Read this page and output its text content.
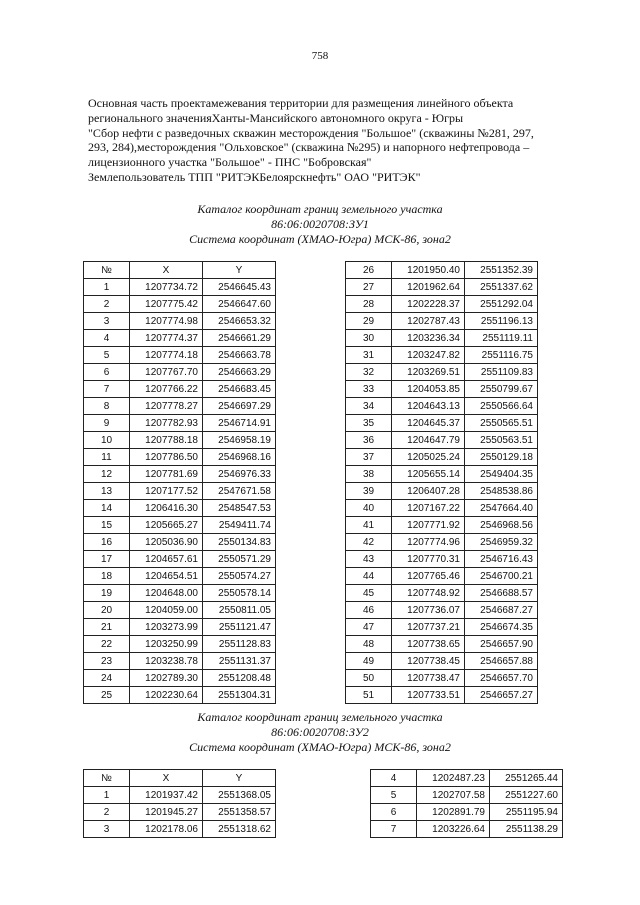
758
Основная часть проектамежевания территории для размещения линейного объекта
регионального значенияХанты-Мансийского автономного округа - Югры
"Сбор нефти с разведочных скважин месторождения "Большое" (скважины №281, 297,
293, 284),месторождения "Ольховское" (скважина №295) и напорного нефтепровода –
лицензионного участка "Большое" - ПНС "Бобровская"
Землепользователь ТПП "РИТЭКБелоярскнефть" ОАО "РИТЭК"
Каталог координат границ земельного участка
86:06:0020708:ЗУ1
Система координат (ХМАО-Югра) МСК-86, зона2
№	X	Y
1	1207734.72	2546645.43
2	1207775.42	2546647.60
3	1207774.98	2546653.32
4	1207774.37	2546661.29
5	1207774.18	2546663.78
6	1207767.70	2546663.29
7	1207766.22	2546683.45
8	1207778.27	2546697.29
9	1207782.93	2546714.91
10	1207788.18	2546958.19
11	1207786.50	2546968.16
12	1207781.69	2546976.33
13	1207177.52	2547671.58
14	1206416.30	2548547.53
15	1205665.27	2549411.74
16	1205036.90	2550134.83
17	1204657.61	2550571.29
18	1204654.51	2550574.27
19	1204648.00	2550578.14
20	1204059.00	2550811.05
21	1203273.99	2551121.47
22	1203250.99	2551128.83
23	1203238.78	2551131.37
24	1202789.30	2551208.48
25	1202230.64	2551304.31
26	1201950.40	2551352.39
27	1201962.64	2551337.62
28	1202228.37	2551292.04
29	1202787.43	2551196.13
30	1203236.34	2551119.11
31	1203247.82	2551116.75
32	1203269.51	2551109.83
33	1204053.85	2550799.67
34	1204643.13	2550566.64
35	1204645.37	2550565.51
36	1204647.79	2550563.51
37	1205025.24	2550129.18
38	1205655.14	2549404.35
39	1206407.28	2548538.86
40	1207167.22	2547664.40
41	1207771.92	2546968.56
42	1207774.96	2546959.32
43	1207770.31	2546716.43
44	1207765.46	2546700.21
45	1207748.92	2546688.57
46	1207736.07	2546687.27
47	1207737.21	2546674.35
48	1207738.65	2546657.90
49	1207738.45	2546657.88
50	1207738.47	2546657.70
51	1207733.51	2546657.27
Каталог координат границ земельного участка
86:06:0020708:ЗУ2
Система координат (ХМАО-Югра) МСК-86, зона2
№	X	Y
1	1201937.42	2551368.05
2	1201945.27	2551358.57
3	1202178.06	2551318.62
4	1202487.23	2551265.44
5	1202707.58	2551227.60
6	1202891.79	2551195.94
7	1203226.64	2551138.29
